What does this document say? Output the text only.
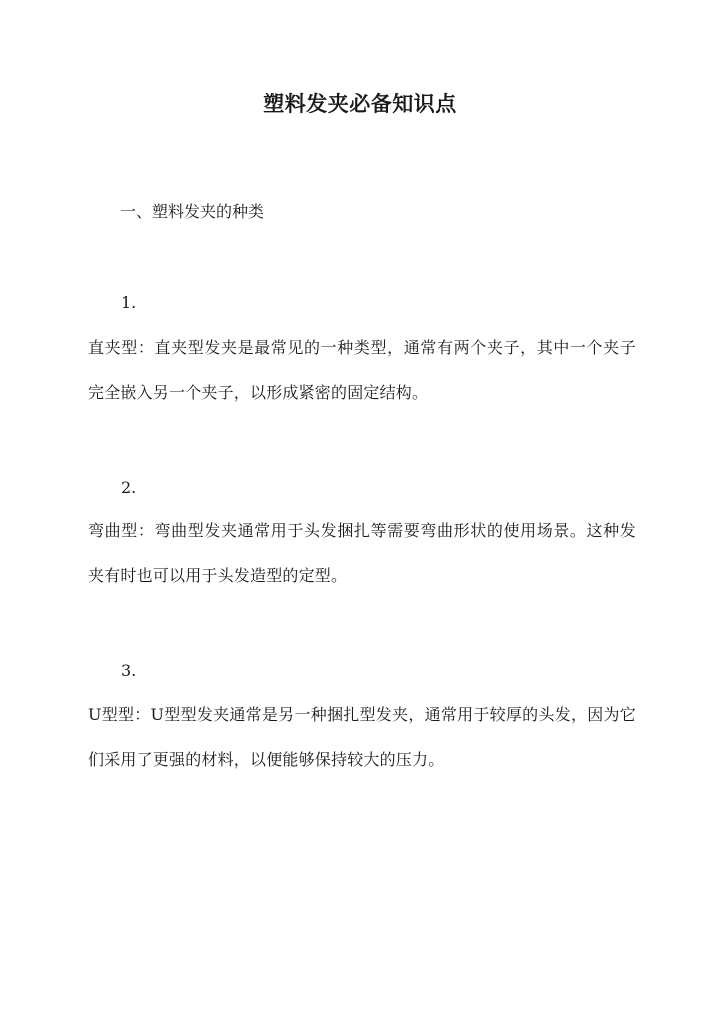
塑料发夹必备知识点
一、塑料发夹的种类
1.
直夹型：直夹型发夹是最常见的一种类型，通常有两个夹子，其中一个夹子完全嵌入另一个夹子，以形成紧密的固定结构。
2.
弯曲型：弯曲型发夹通常用于头发捆扎等需要弯曲形状的使用场景。这种发夹有时也可以用于头发造型的定型。
3.
U型型：U型型发夹通常是另一种捆扎型发夹，通常用于较厚的头发，因为它们采用了更强的材料，以便能够保持较大的压力。
